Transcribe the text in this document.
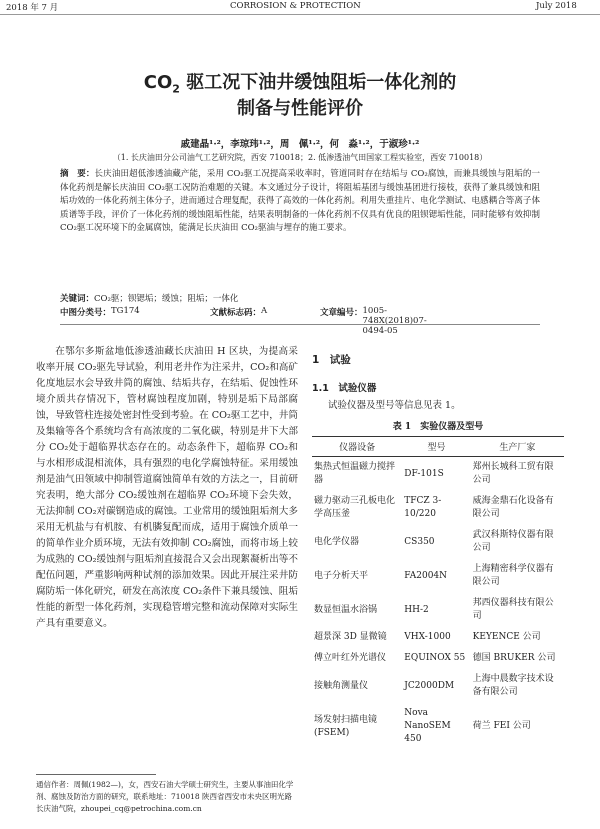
2018 年 7 月	CORROSION & PROTECTION	July 2018
$CO_2$ 驱工况下油井缓蚀阻垢一体化剂的
制备与性能评价
戚建晶¹·²，李琼玮¹·²，周　佩¹·²，何　淼¹·²，于淑珍¹·²
（1. 长庆油田分公司油气工艺研究院，西安 710018；2. 低渗透油气田国家工程实验室，西安 710018）
摘　要：长庆油田超低渗透油藏产能，采用 CO₂驱工况提高采收率时，管道同时存在结垢与 CO₂腐蚀，而兼具缓蚀与阻垢的一体化药剂是解长庆油田 CO₂驱工况防治难题的关键。本文通过分子设计，将阻垢基团与缓蚀基团进行接枝，获得了兼具缓蚀和阻垢功效的一体化药剂主体分子，进而通过合理复配，获得了高效的一体化药剂。利用失重挂片、电化学测试、电感耦合等离子体质谱等手段，评价了一体化药剂的缓蚀阻垢性能，结果表明制备的一体化药剂不仅具有优良的阻钡锶垢性能，同时能够有效抑制 CO₂驱工况环境下的金属腐蚀，能满足长庆油田 CO₂驱油与埋存的施工要求。
关键词：CO₂驱；钡锶垢；缓蚀；阻垢；一体化
中图分类号： TG174	文献标志码： A	文章编号： 1005-748X(2018)07-0494-05
在鄂尔多斯盆地低渗透油藏长庆油田 H 区块，为提高采收率开展 CO₂驱先导试验，利用老井作为注采井，CO₂和高矿化度地层水会导致井筒的腐蚀、结垢共存，在结垢、促蚀性环境介质共存情况下，管材腐蚀程度加剧，特别是垢下局部腐蚀，导致管柱连接处密封性受到考验。在 CO₂驱工艺中，井筒及集输等各个系统均含有高浓度的二氧化碳，特别是井下大部分 CO₂处于超临界状态存在的。动态条件下，超临界 CO₂和与水相形成混相流体，具有强烈的电化学腐蚀特征。采用缓蚀剂是油气田领域中抑制管道腐蚀简单有效的方法之一，目前研究表明，绝大部分 CO₂缓蚀剂在超临界 CO₂环境下会失效，无法抑制 CO₂对碳钢造成的腐蚀。工业常用的缓蚀阻垢剂大多采用无机盐与有机胺、有机膦复配而成，适用于腐蚀介质单一的简单作业介质环境，无法有效抑制 CO₂腐蚀，而将市场上较为成熟的 CO₂缓蚀剂与阻垢剂直接混合又会出现絮凝析出等不配伍问题，严重影响两种试剂的添加效果。因此开展注采井防腐防垢一体化研究，研发在高浓度 CO₂条件下兼具缓蚀、阻垢性能的新型一体化药剂，实现稳管增完整和流动保障对实际生产具有重要意义。
1　试验
1.1　试验仪器
试验仪器及型号等信息见表 1。
表 1　实验仪器及型号
仪器设备	型号	生产厂家
集热式恒温磁力搅拌器	DF-101S	郑州长城科工贸有限公司
磁力驱动三孔板电化学高压釜	TFCZ 3-10/220	威海金鼎石化设备有限公司
电化学仪器	CS350	武汉科斯特仪器有限公司
电子分析天平	FA2004N	上海精密科学仪器有限公司
数显恒温水浴锅	HH-2	邦西仪器科技有限公司
超景深 3D 显微镜	VHX-1000	KEYENCE 公司
傅立叶红外光谱仪	EQUINOX 55	德国 BRUKER 公司
接触角测量仪	JC2000DM	上海中晨数字技术设备有限公司
场发射扫描电镜(FSEM)	Nova NanoSEM 450	荷兰 FEI 公司
通信作者：周佩(1982—)，女，西安石油大学硕士研究生，主要从事油田化学剂、腐蚀及防治方面的研究，联系地址：710018 陕西省西安市未央区明光路长庆油气院，zhoupei_cq@petrochina.com.cn
